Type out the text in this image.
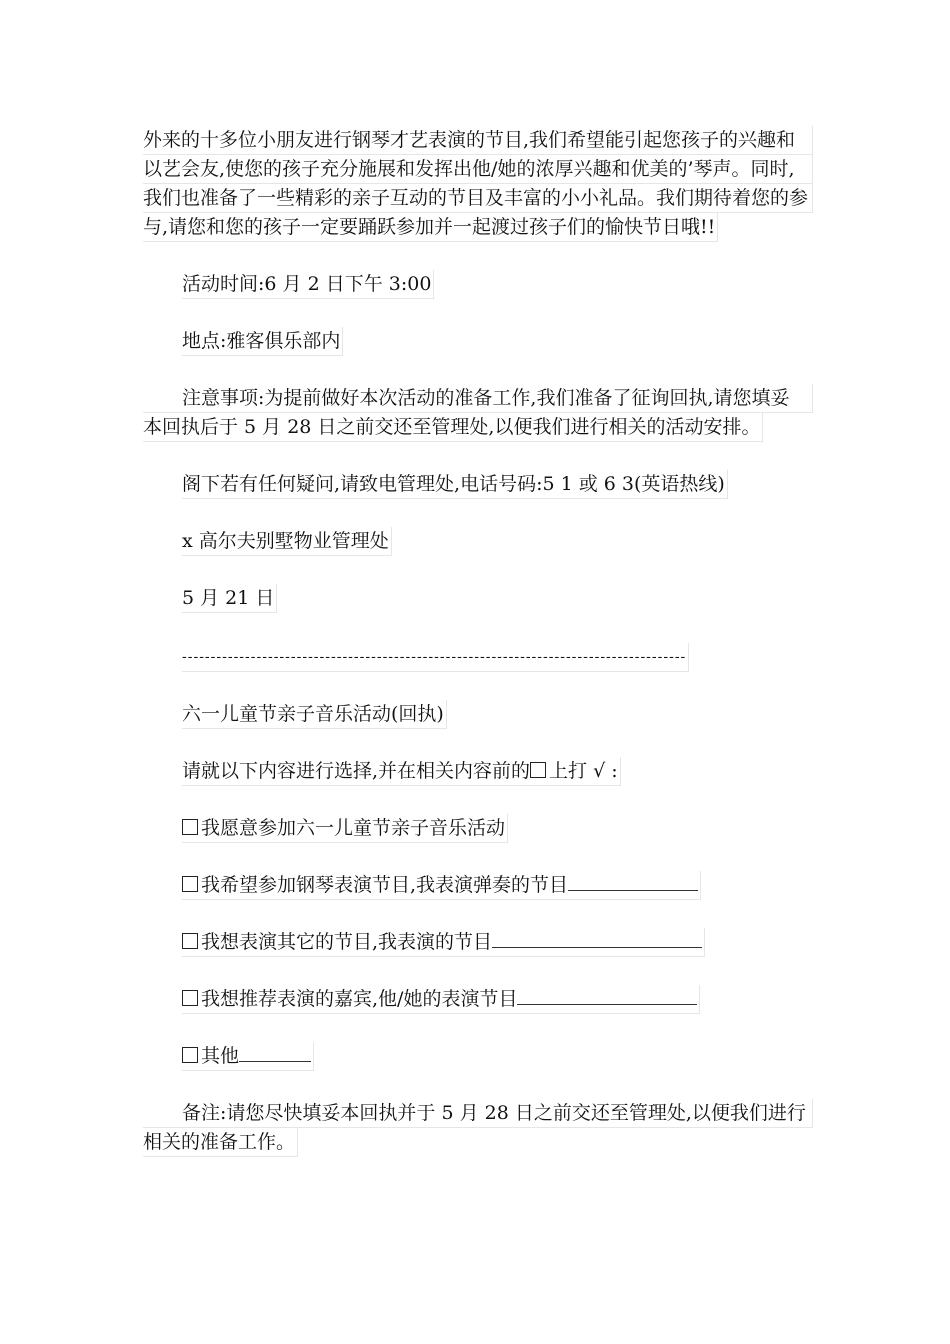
外来的十多位小朋友进行钢琴才艺表演的节目,我们希望能引起您孩子的兴趣和
以艺会友,使您的孩子充分施展和发挥出他/她的浓厚兴趣和优美的’琴声。同时,
我们也准备了一些精彩的亲子互动的节目及丰富的小小礼品。我们期待着您的参
与,请您和您的孩子一定要踊跃参加并一起渡过孩子们的愉快节日哦!!
活动时间:6 月 2 日下午 3:00
地点:雅客俱乐部内
注意事项:为提前做好本次活动的准备工作,我们准备了征询回执,请您填妥
本回执后于 5 月 28 日之前交还至管理处,以便我们进行相关的活动安排。
阁下若有任何疑问,请致电管理处,电话号码:5 1 或 6 3(英语热线)
x 高尔夫别墅物业管理处
5 月 21 日
----------------------------------------------------------------------------------------
六一儿童节亲子音乐活动(回执)
请就以下内容进行选择,并在相关内容前的 上打 √ :
我愿意参加六一儿童节亲子音乐活动
我希望参加钢琴表演节目,我表演弹奏的节目
我想表演其它的节目,我表演的节目
我想推荐表演的嘉宾,他/她的表演节目
其他
备注:请您尽快填妥本回执并于 5 月 28 日之前交还至管理处,以便我们进行
相关的准备工作。
